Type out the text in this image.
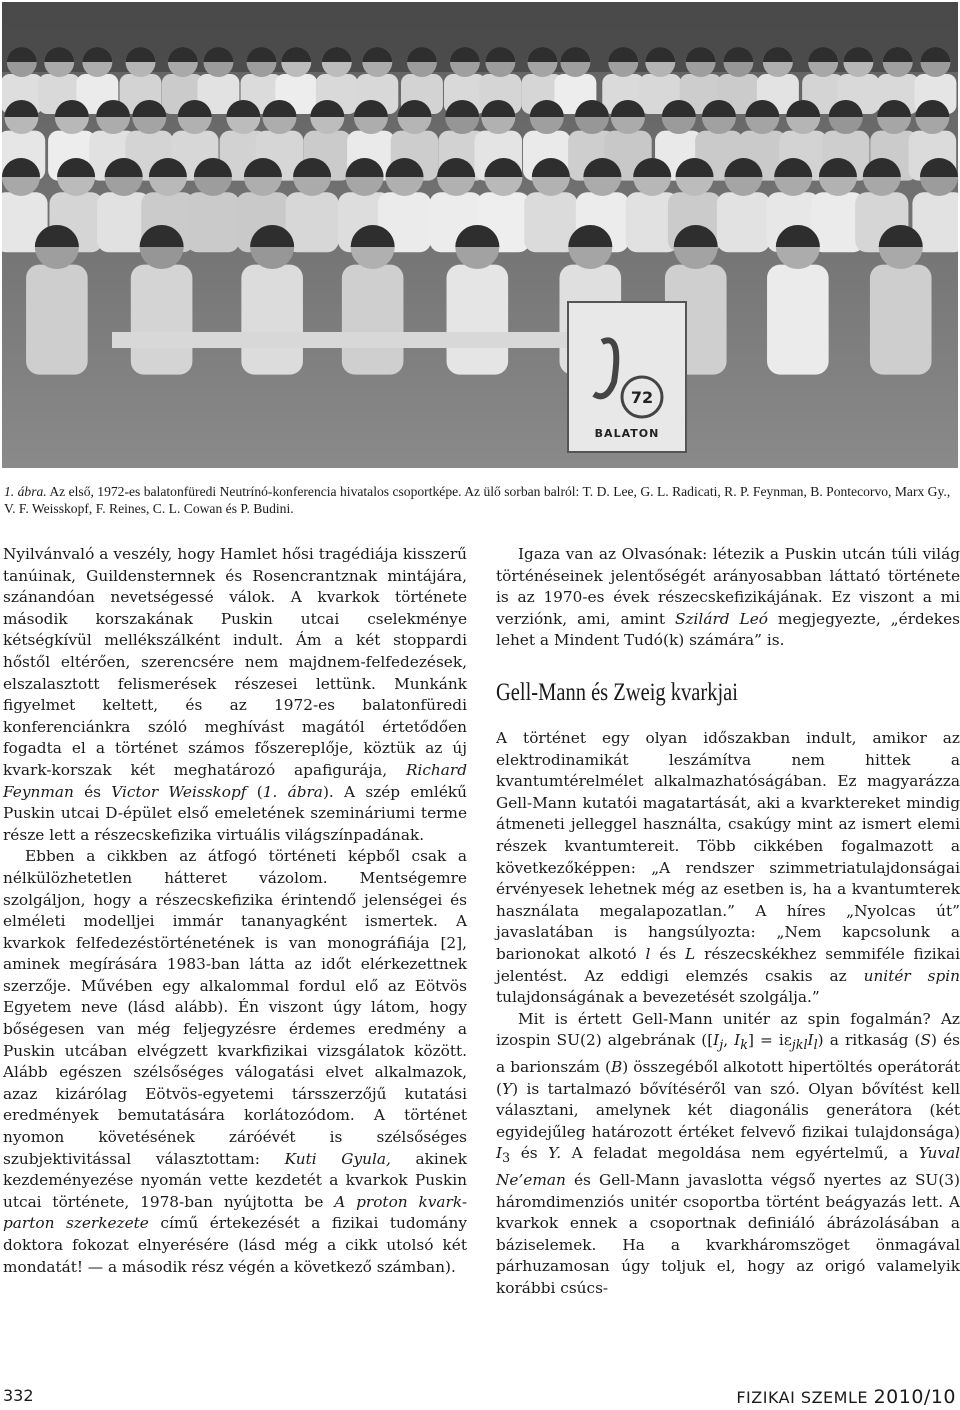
72
BALATON
1. ábra. Az első, 1972-es balatonfüredi Neutrínó-konferencia hivatalos csoportképe. Az ülő sorban balról: T. D. Lee, G. L. Radicati, R. P. Feynman, B. Pontecorvo, Marx Gy., V. F. Weisskopf, F. Reines, C. L. Cowan és P. Budini.

Nyilvánvaló a veszély, hogy Hamlet hősi tragédiája kisszerű tanúinak, Guildensternnek és Rosencrantznak mintájára, szánandóan nevetségessé válok. A kvarkok története második korszakának Puskin utcai cselekménye kétségkívül mellékszálként indult. Ám a két stoppardi hőstől eltérően, szerencsére nem majdnem-felfedezések, elszalasztott felismerések részesei lettünk. Munkánk figyelmet keltett, és az 1972-es balatonfüredi konferenciánkra szóló meghívást magától értetődően fogadta el a történet számos főszereplője, köztük az új kvark-korszak két meghatározó apafigurája, Richard Feynman és Victor Weisskopf (1. ábra). A szép emlékű Puskin utcai D-épület első emeletének szemináriumi terme része lett a részecskefizika virtuális világszínpadának.

Ebben a cikkben az átfogó történeti képből csak a nélkülözhetetlen hátteret vázolom. Mentségemre szolgáljon, hogy a részecskefizika érintendő jelenségei és elméleti modelljei immár tananyagként ismertek. A kvarkok felfedezéstörténetének is van monográfiája [2], aminek megírására 1983-ban látta az időt elérkezettnek szerzője. Művében egy alkalommal fordul elő az Eötvös Egyetem neve (lásd alább). Én viszont úgy látom, hogy bőségesen van még feljegyzésre érdemes eredmény a Puskin utcában elvégzett kvarkfizikai vizsgálatok között. Alább egészen szélsőséges válogatási elvet alkalmazok, azaz kizárólag Eötvös-egyetemi társszerzőjű kutatási eredmények bemutatására korlátozódom. A történet nyomon követésének záróévét is szélsőséges szubjektivitással választottam: Kuti Gyula, akinek kezdeményezése nyomán vette kezdetét a kvarkok Puskin utcai története, 1978-ban nyújtotta be A proton kvark-parton szerkezete című értekezését a fizikai tudomány doktora fokozat elnyerésére (lásd még a cikk utolsó két mondatát! — a második rész végén a következő számban).

Igaza van az Olvasónak: létezik a Puskin utcán túli világ történéseinek jelentőségét arányosabban láttató története is az 1970-es évek részecskefizikájának. Ez viszont a mi verziónk, ami, amint Szilárd Leó megjegyezte, „érdekes lehet a Mindent Tudó(k) számára” is.

Gell-Mann és Zweig kvarkjai

A történet egy olyan időszakban indult, amikor az elektrodinamikát leszámítva nem hittek a kvantumtérelmélet alkalmazhatóságában. Ez magyarázza Gell-Mann kutatói magatartását, aki a kvarktereket mindig átmeneti jelleggel használta, csakúgy mint az ismert elemi részek kvantumtereit. Több cikkében fogalmazott a következőképpen: „A rendszer szimmetriatulajdonságai érvényesek lehetnek még az esetben is, ha a kvantumterek használata megalapozatlan.” A híres „Nyolcas út” javaslatában is hangsúlyozta: „Nem kapcsolunk a barionokat alkotó l és L részecskékhez semmiféle fizikai jelentést. Az eddigi elemzés csakis az unitér spin tulajdonságának a bevezetését szolgálja.”

Mit is értett Gell-Mann unitér az spin fogalmán? Az izospin SU(2) algebrának ([$I_j$, $I_k] = i\varepsilon_{jkl}I_l$) a ritkaság (S) és a barionszám (B) összegéből alkotott hipertöltés operátorát (Y) is tartalmazó bővítéséről van szó. Olyan bővítést kell választani, amelynek két diagonális generátora (két egyidejűleg határozott értéket felvevő fizikai tulajdonsága) $I_3$ és Y. A feladat megoldása nem egyértelmű, a Yuval Ne’eman és Gell-Mann javaslotta végső nyertes az SU(3) háromdimenziós unitér csoportba történt beágyazás lett. A kvarkok ennek a csoportnak definiáló ábrázolásában a báziselemek. Ha a kvarkháromszöget önmagával párhuzamosan úgy toljuk el, hogy az origó valamelyik korábbi csúcs-

332	FIZIKAI SZEMLE 2010/10
